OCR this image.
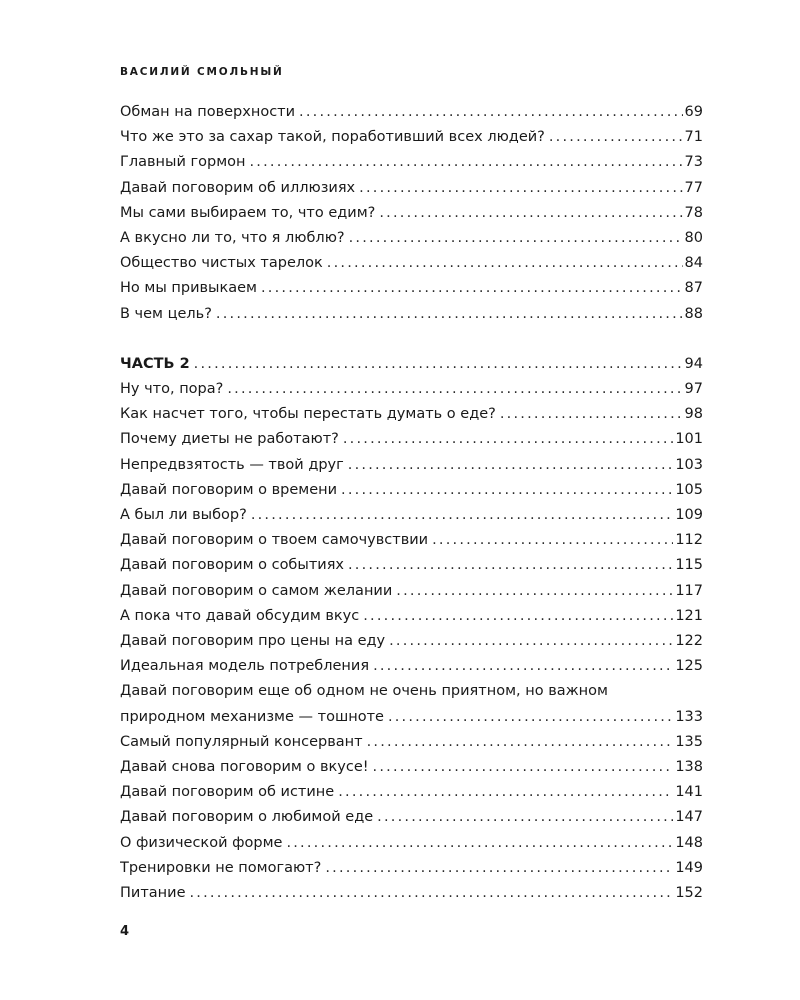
ВАСИЛИЙ СМОЛЬНЫЙ
Обман на поверхности .....	69
Что же это за сахар такой, поработивший всех людей? .....	71
Главный гормон .....	73
Давай поговорим об иллюзиях .....	77
Мы сами выбираем то, что едим? .....	78
А вкусно ли то, что я люблю? .....	80
Общество чистых тарелок .....	84
Но мы привыкаем .....	87
В чем цель? .....	88
ЧАСТЬ 2 .....	94
Ну что, пора? .....	97
Как насчет того, чтобы перестать думать о еде? .....	98
Почему диеты не работают? .....	101
Непредвзятость — твой друг .....	103
Давай поговорим о времени .....	105
А был ли выбор? .....	109
Давай поговорим о твоем самочувствии .....	112
Давай поговорим о событиях .....	115
Давай поговорим о самом желании .....	117
А пока что давай обсудим вкус .....	121
Давай поговорим про цены на еду .....	122
Идеальная модель потребления .....	125
Давай поговорим еще об одном не очень приятном, но важном
природном механизме — тошноте .....	133
Самый популярный консервант .....	135
Давай снова поговорим о вкусе! .....	138
Давай поговорим об истине .....	141
Давай поговорим о любимой еде .....	147
О физической форме .....	148
Тренировки не помогают? .....	149
Питание .....	152
4
